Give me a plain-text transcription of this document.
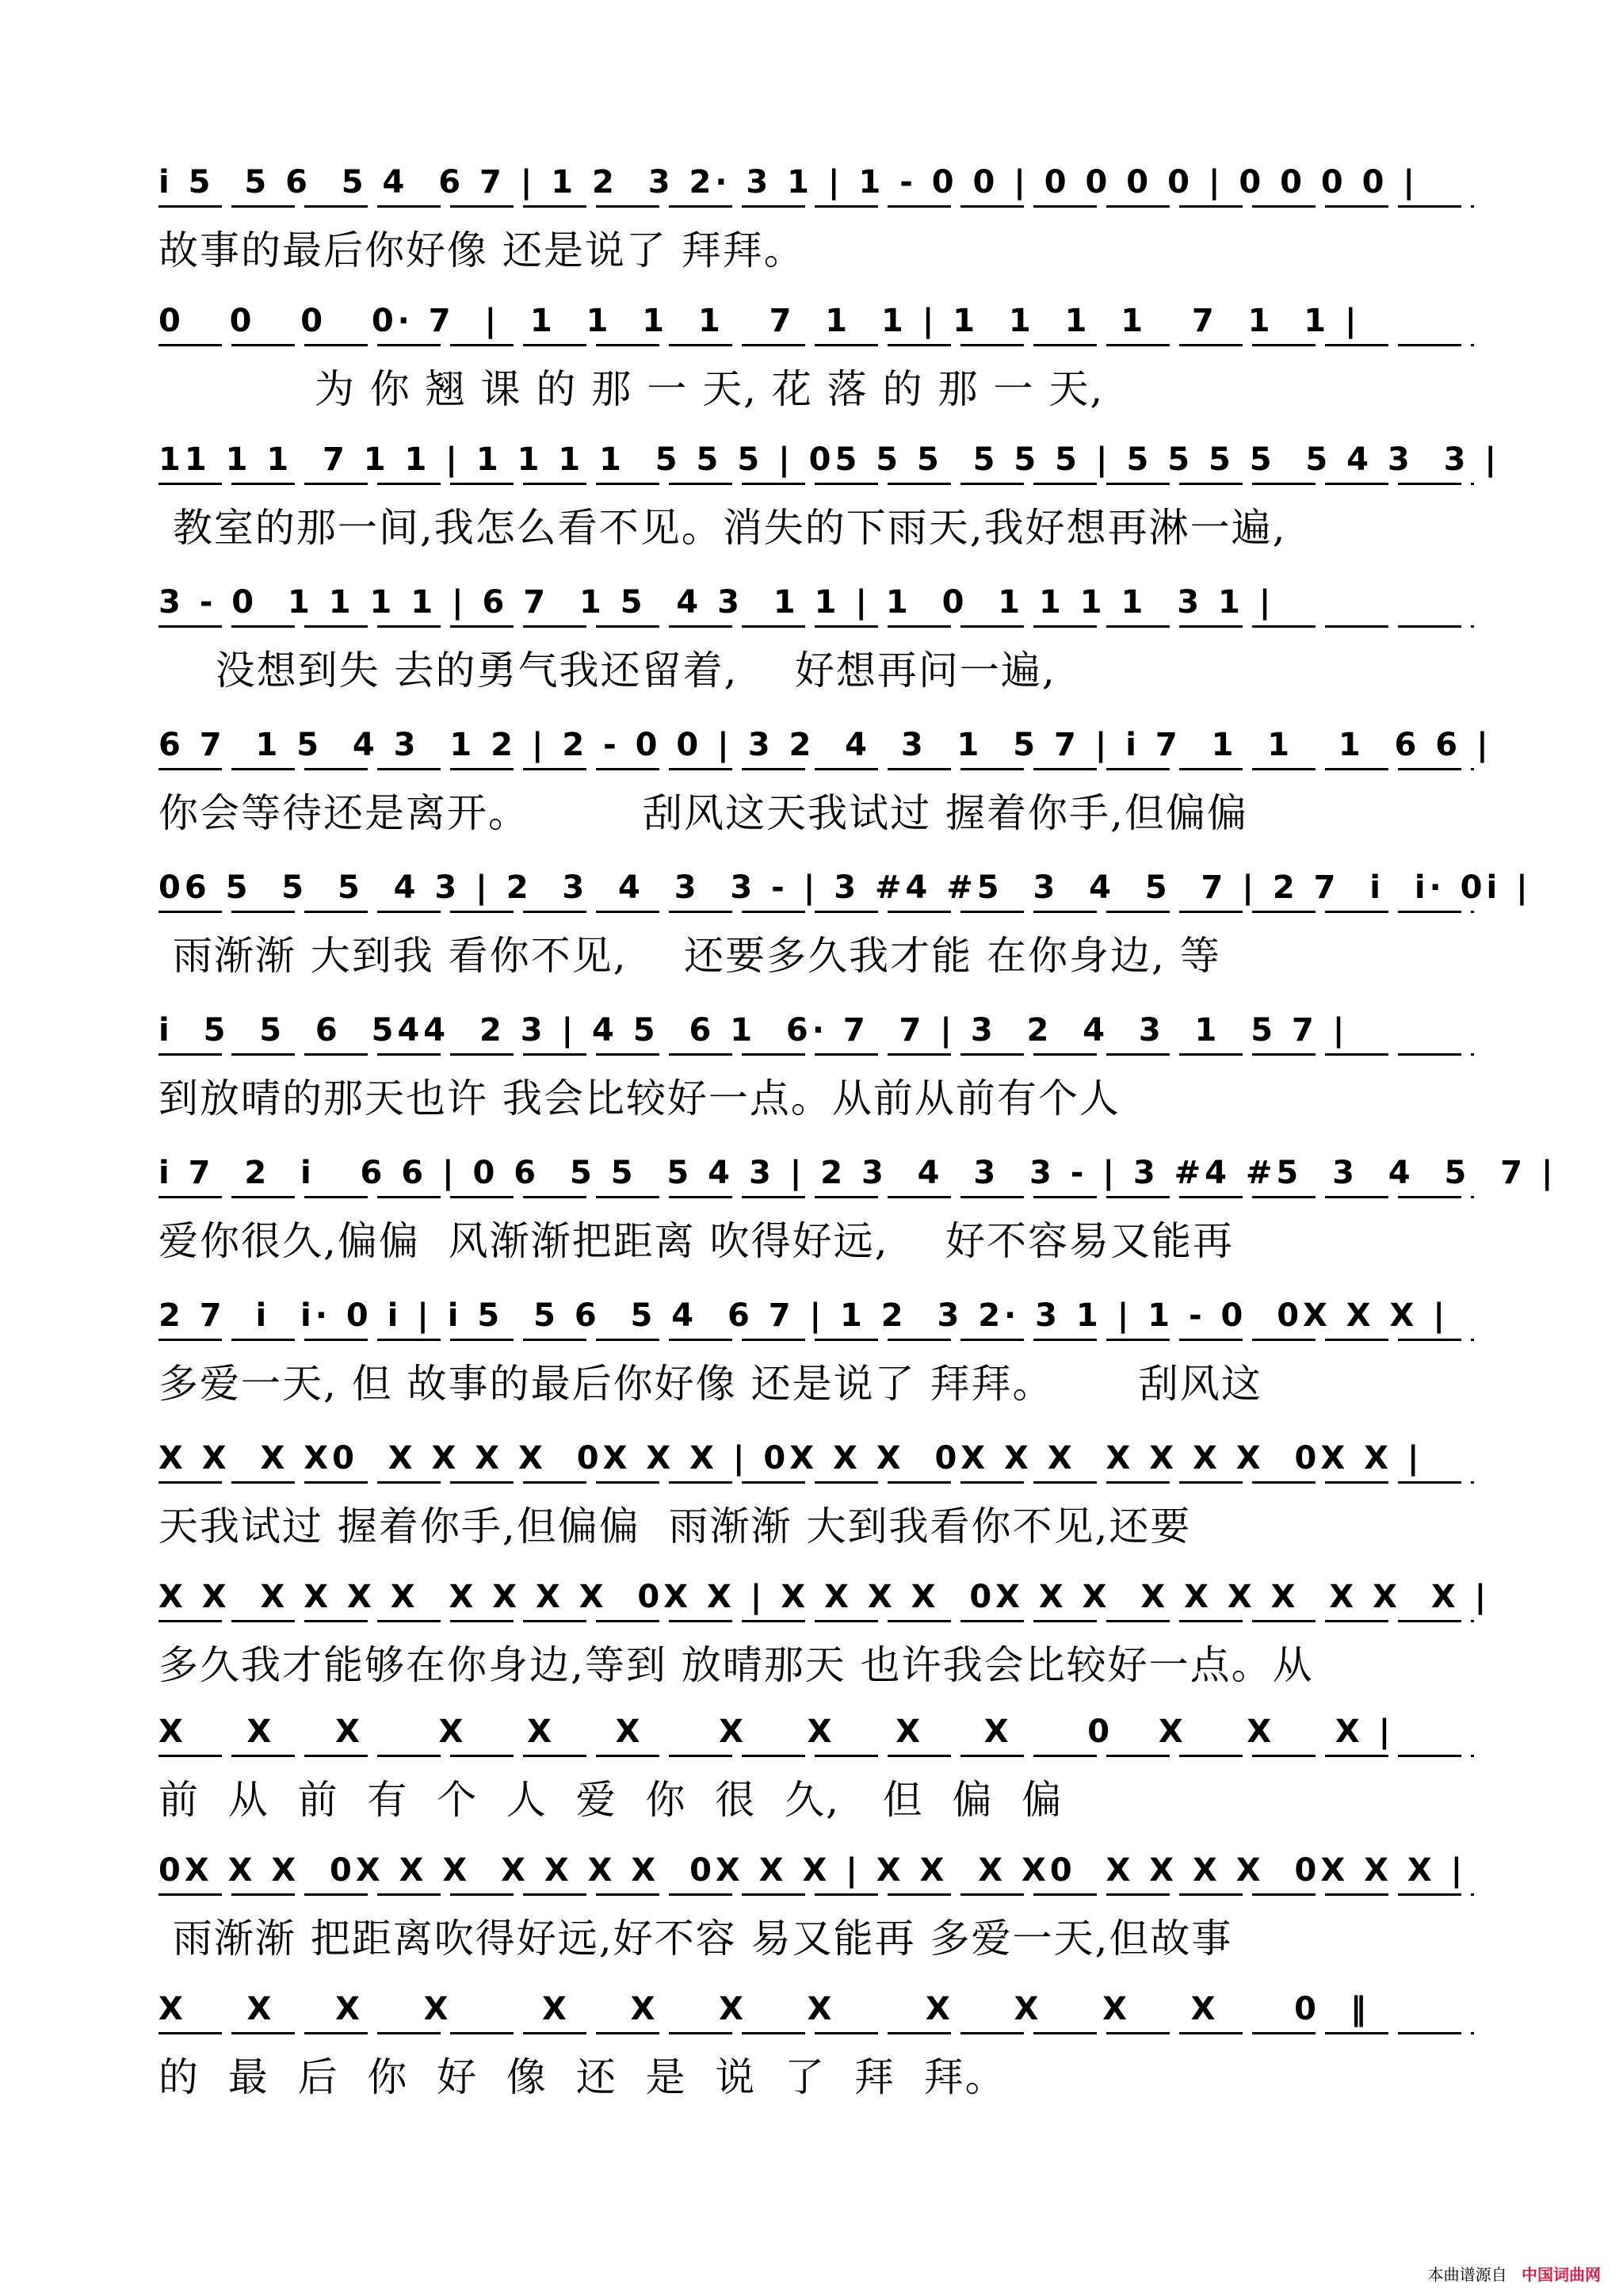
i 5  5 6  5 4  6 7 | 1 2  3 2· 3 1 | 1 - 0 0 | 0 0 0 0 | 0 0 0 0 |
故事的最后你好像 还是说了 拜拜。
0   0   0   0· 7  |  1  1  1  1   7  1  1 | 1  1  1  1   7  1  1 |
为 你 翘 课 的 那 一 天, 花 落 的 那 一 天,
11 1 1  7 1 1 | 1 1 1 1  5 5 5 | 05 5 5  5 5 5 | 5 5 5 5  5 4 3  3 |
教室的那一间,我怎么看不见。消失的下雨天,我好想再淋一遍,
3 - 0  1 1 1 1 | 6 7  1 5  4 3  1 1 | 1  0  1 1 1 1  3 1 |
没想到失 去的勇气我还留着,    好想再问一遍,
6 7  1 5  4 3  1 2 | 2 - 0 0 | 3 2  4  3  1  5 7 | i 7  1  1   1  6 6 |
你会等待还是离开。        刮风这天我试过 握着你手,但偏偏
06 5  5  5  4 3 | 2  3  4  3  3 - | 3 #4 #5  3  4  5  7 | 2 7  i  i· 0i |
雨渐渐 大到我 看你不见,    还要多久我才能 在你身边, 等
i  5  5  6  544  2 3 | 4 5  6 1  6· 7  7 | 3  2  4  3  1  5 7 |
到放晴的那天也许 我会比较好一点。从前从前有个人
i 7  2  i   6 6 | 0 6  5 5  5 4 3 | 2 3  4  3  3 - | 3 #4 #5  3  4  5  7 |
爱你很久,偏偏  风渐渐把距离 吹得好远,    好不容易又能再
2 7  i  i· 0 i | i 5  5 6  5 4  6 7 | 1 2  3 2· 3 1 | 1 - 0  0X X X |
多爱一天, 但 故事的最后你好像 还是说了 拜拜。      刮风这
X X  X X0  X X X X  0X X X | 0X X X  0X X X  X X X X  0X X |
天我试过 握着你手,但偏偏  雨渐渐 大到我看你不见,还要
X X  X X X X  X X X X  0X X | X X X X  0X X X  X X X X  X X  X |
多久我才能够在你身边,等到 放晴那天 也许我会比较好一点。从
X    X    X     X    X    X     X    X    X    X     0   X    X    X |
前  从  前  有  个  人  爱  你  很  久,   但  偏  偏
0X X X  0X X X  X X X X  0X X X | X X  X X0  X X X X  0X X X |
雨渐渐 把距离吹得好远,好不容 易又能再 多爱一天,但故事
X    X    X    X      X    X    X    X      X    X    X    X     0  ‖
的  最  后  你  好  像  还  是  说  了  拜  拜。
本曲谱源自 中国词曲网
